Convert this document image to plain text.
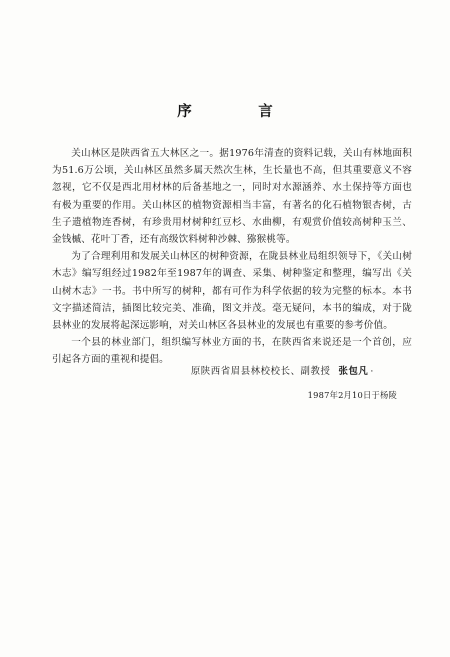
序　言

关山林区是陕西省五大林区之一。据1976年清查的资料记载，关山有林地面积为51.6万公顷，关山林区虽然多属天然次生林，生长量也不高，但其重要意义不容忽视，它不仅是西北用材林的后备基地之一，同时对水源涵养、水土保持等方面也有极为重要的作用。关山林区的植物资源相当丰富，有著名的化石植物银杏树，古生子遗植物连香树，有珍贵用材树种红豆杉、水曲柳，有观赏价值较高树种玉兰、金钱槭、花叶丁香，还有高级饮料树种沙棘、猕猴桃等。

为了合理利用和发展关山林区的树种资源，在陇县林业局组织领导下，《关山树木志》编写组经过1982年至1987年的调查、采集、树种鉴定和整理，编写出《关山树木志》一书。书中所写的树种，都有可作为科学依据的较为完整的标本。本书文字描述简洁，插图比较完美、准确，图文并茂。毫无疑问，本书的编成，对于陇县林业的发展将起深远影响，对关山林区各县林业的发展也有重要的参考价值。

一个县的林业部门，组织编写林业方面的书，在陕西省来说还是一个首创，应引起各方面的重视和提倡。

原陕西省眉县林校校长、副教授 张包凡 ·
1987年2月10日于杨陵
